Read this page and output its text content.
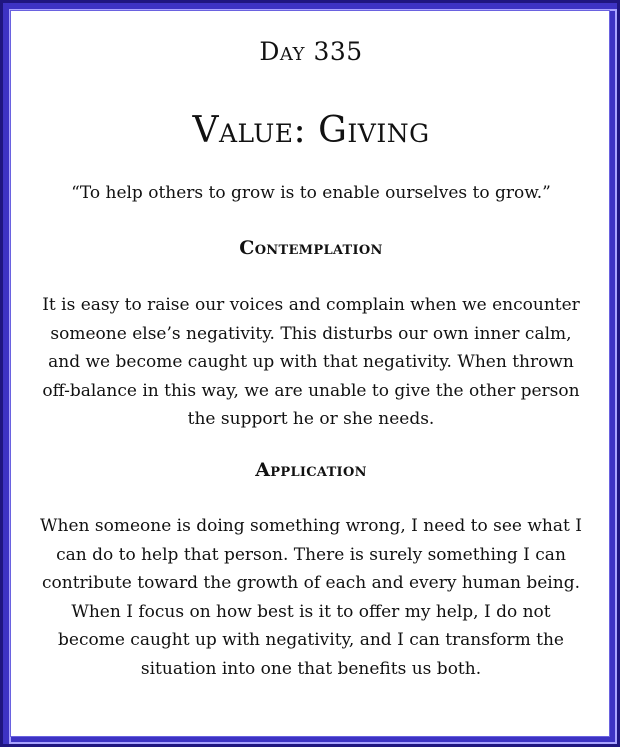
Day 335
Value: Giving
“To help others to grow is to enable ourselves to grow.”
Contemplation
It is easy to raise our voices and complain when we encounter
someone else’s negativity. This disturbs our own inner calm,
and we become caught up with that negativity. When thrown
off-balance in this way, we are unable to give the other person
the support he or she needs.
Application
When someone is doing something wrong, I need to see what I
can do to help that person. There is surely something I can
contribute toward the growth of each and every human being.
When I focus on how best is it to offer my help, I do not
become caught up with negativity, and I can transform the
situation into one that benefits us both.
